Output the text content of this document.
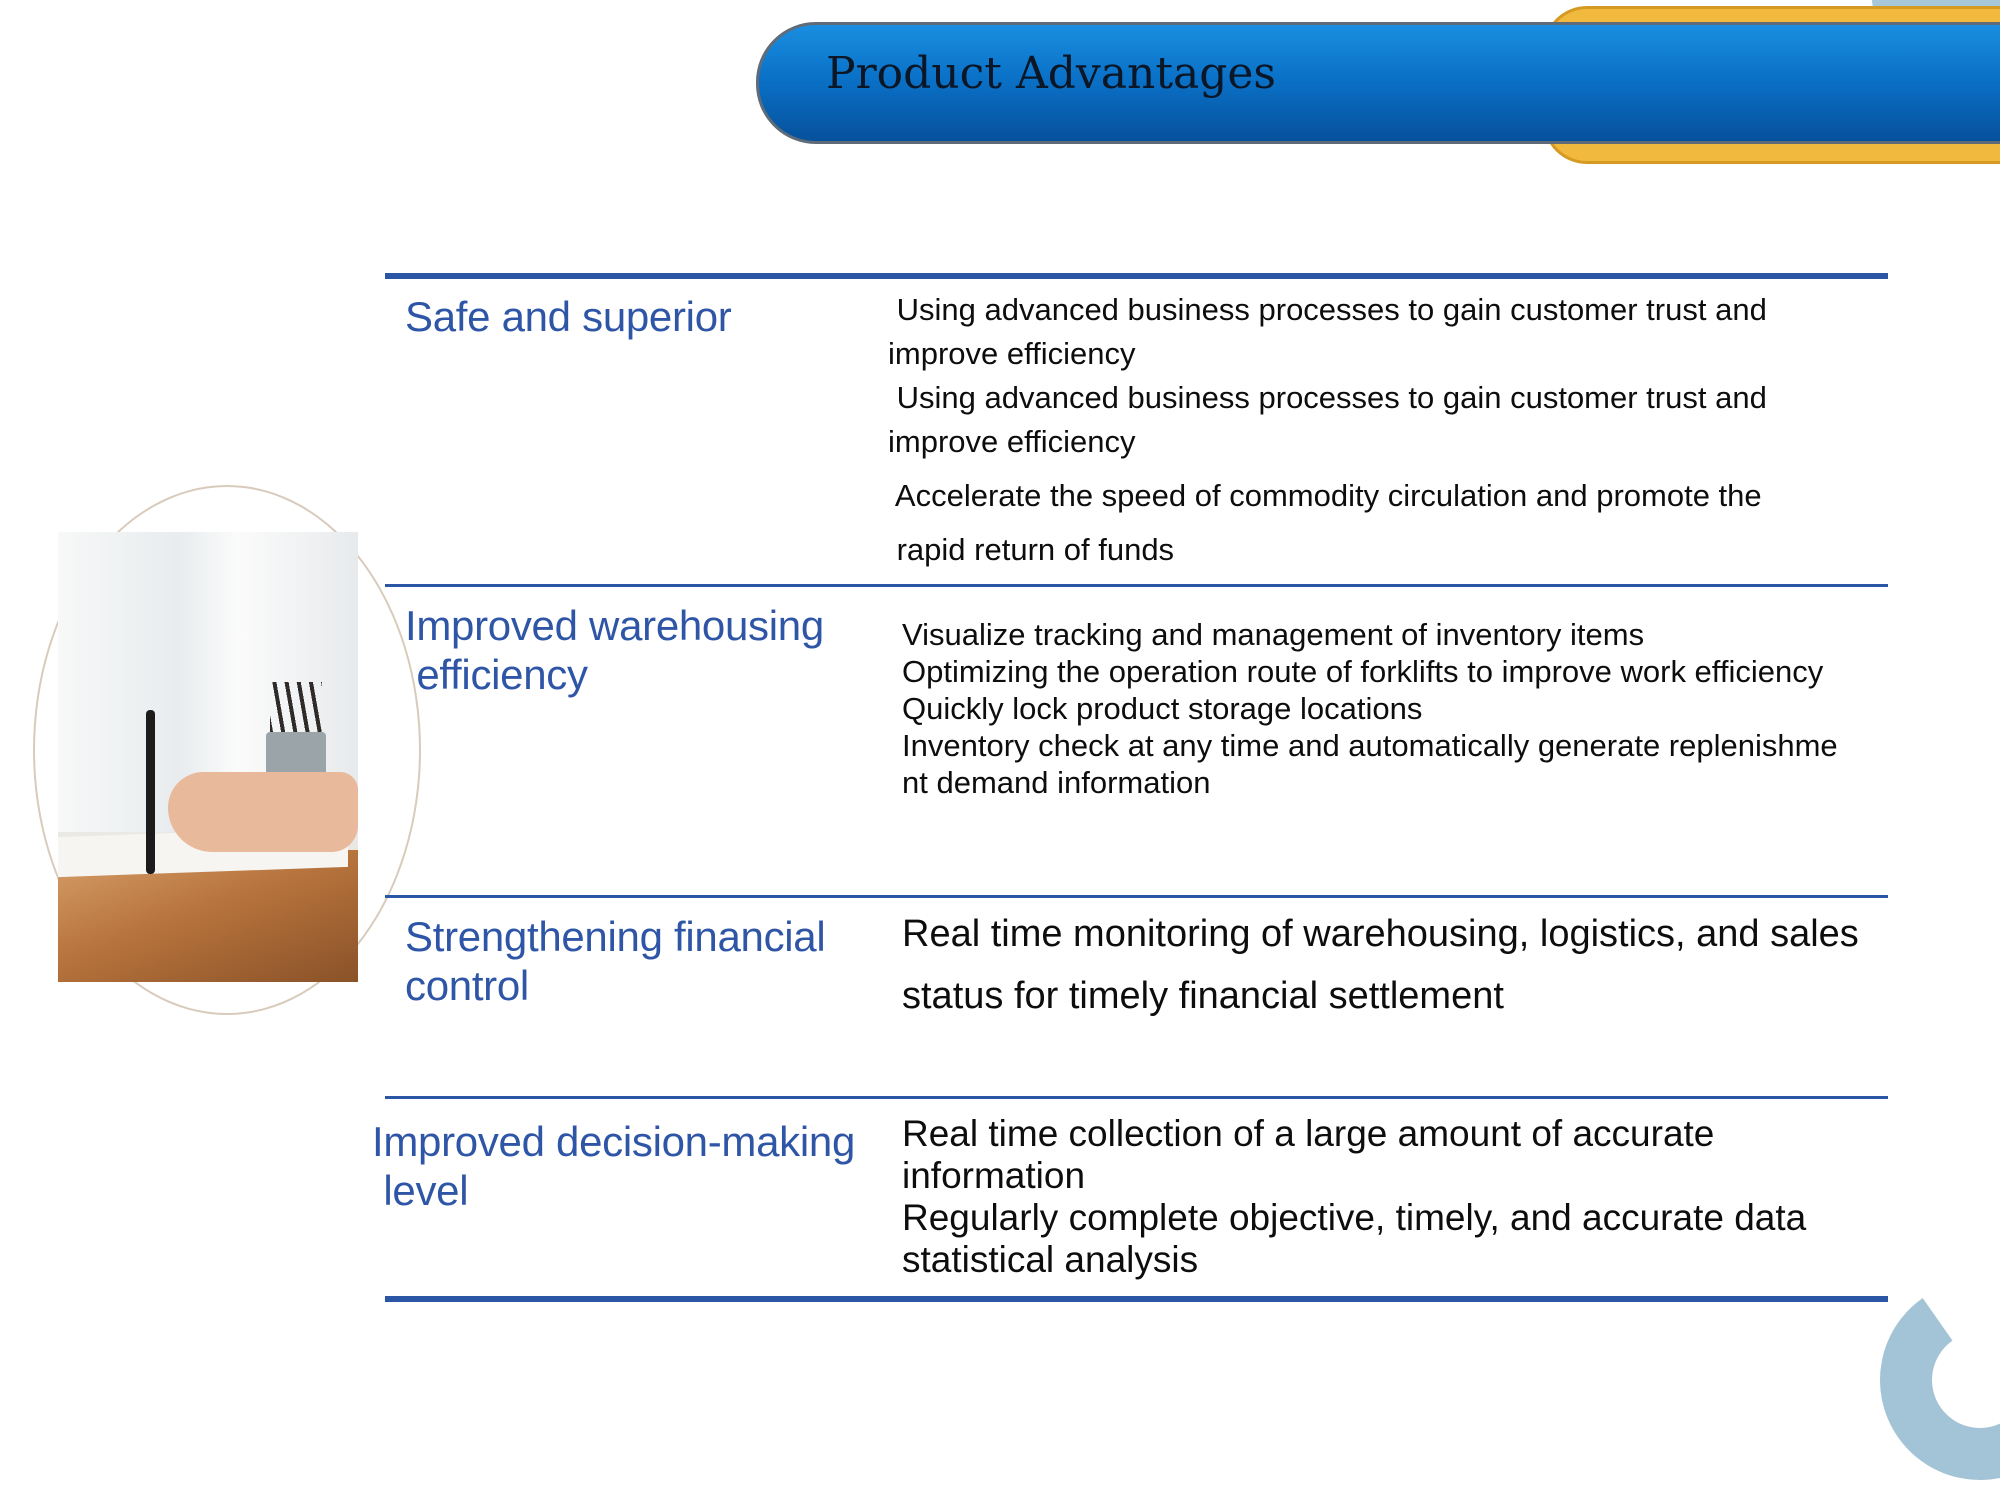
Product Advantages
Safe and superior	Using advanced business processes to gain customer trust and
improve efficiency
Using advanced business processes to gain customer trust and
improve efficiency
Accelerate the speed of commodity circulation and promote the
rapid return of funds
Improved warehousing
efficiency
Visualize tracking and management of inventory items
Optimizing the operation route of forklifts to improve work efficiency
Quickly lock product storage locations
Inventory check at any time and automatically generate replenishme
nt demand information
Strengthening financial
control
Real time monitoring of warehousing, logistics, and sales
status for timely financial settlement
Improved decision-making
level
Real time collection of a large amount of accurate
information
Regularly complete objective, timely, and accurate data
statistical analysis
